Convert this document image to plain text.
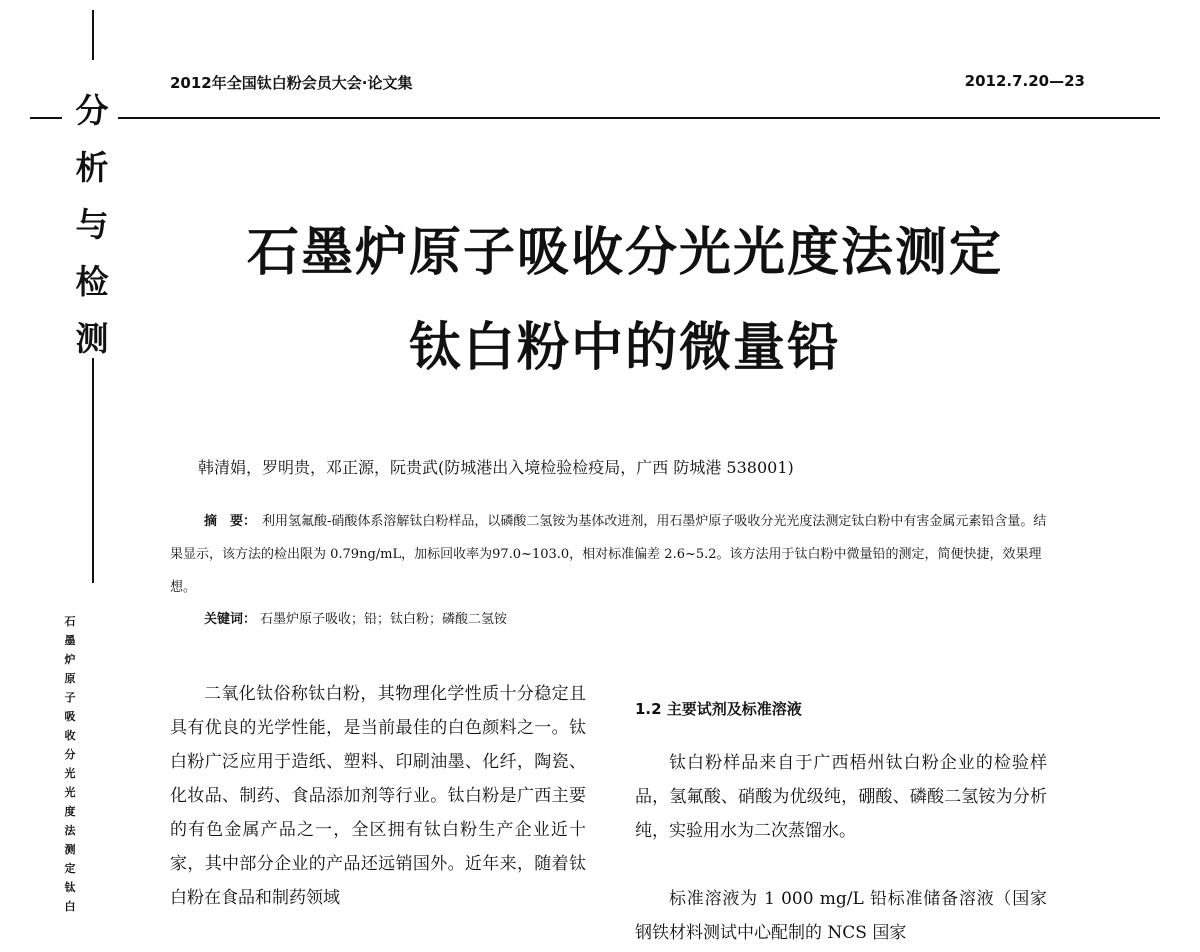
分
析
与
检
测
2012年全国钛白粉会员大会·论文集	2012.7.20—23
石墨炉原子吸收分光光度法测定
钛白粉中的微量铅
韩清娟，罗明贵，邓正源，阮贵武(防城港出入境检验检疫局，广西 防城港 538001)
摘　要： 利用氢氟酸-硝酸体系溶解钛白粉样品，以磷酸二氢铵为基体改进剂，用石墨炉原子吸收分光光度法测定钛白粉中有害金属元素铅含量。结果显示，该方法的检出限为 0.79ng/mL，加标回收率为97.0~103.0，相对标准偏差 2.6~5.2。该方法用于钛白粉中微量铅的测定，简便快捷，效果理想。
关键词： 石墨炉原子吸收；铅；钛白粉；磷酸二氢铵
石
墨
炉
原
子
吸
收
分
光
光
度
法
测
定
钛
白
二氧化钛俗称钛白粉，其物理化学性质十分稳定且具有优良的光学性能，是当前最佳的白色颜料之一。钛白粉广泛应用于造纸、塑料、印刷油墨、化纤，陶瓷、化妆品、制药、食品添加剂等行业。钛白粉是广西主要的有色金属产品之一，全区拥有钛白粉生产企业近十家，其中部分企业的产品还远销国外。近年来，随着钛白粉在食品和制药领域
1.2 主要试剂及标准溶液
钛白粉样品来自于广西梧州钛白粉企业的检验样品，氢氟酸、硝酸为优级纯，硼酸、磷酸二氢铵为分析纯，实验用水为二次蒸馏水。
标准溶液为 1 000 mg/L 铅标准储备溶液（国家钢铁材料测试中心配制的 NCS 国家
